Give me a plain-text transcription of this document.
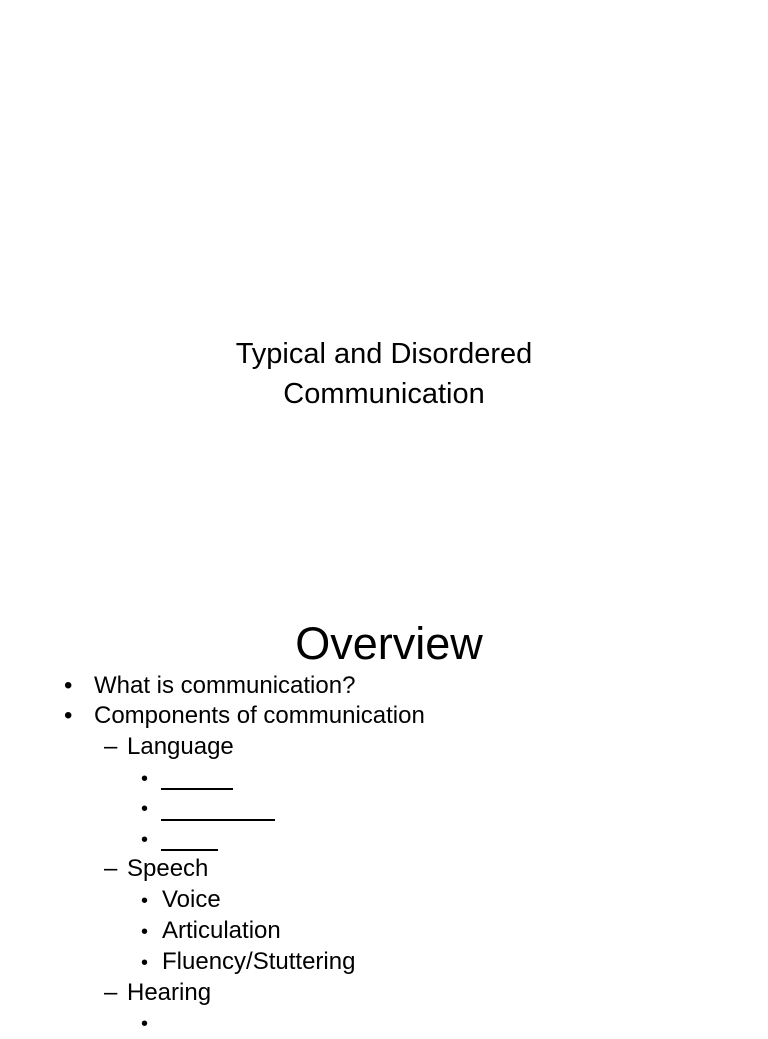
Typical and Disordered
Communication
Overview
• What is communication?
• Components of communication
– Language
•
•
•
– Speech
• Voice
• Articulation
• Fluency/Stuttering
– Hearing
•
